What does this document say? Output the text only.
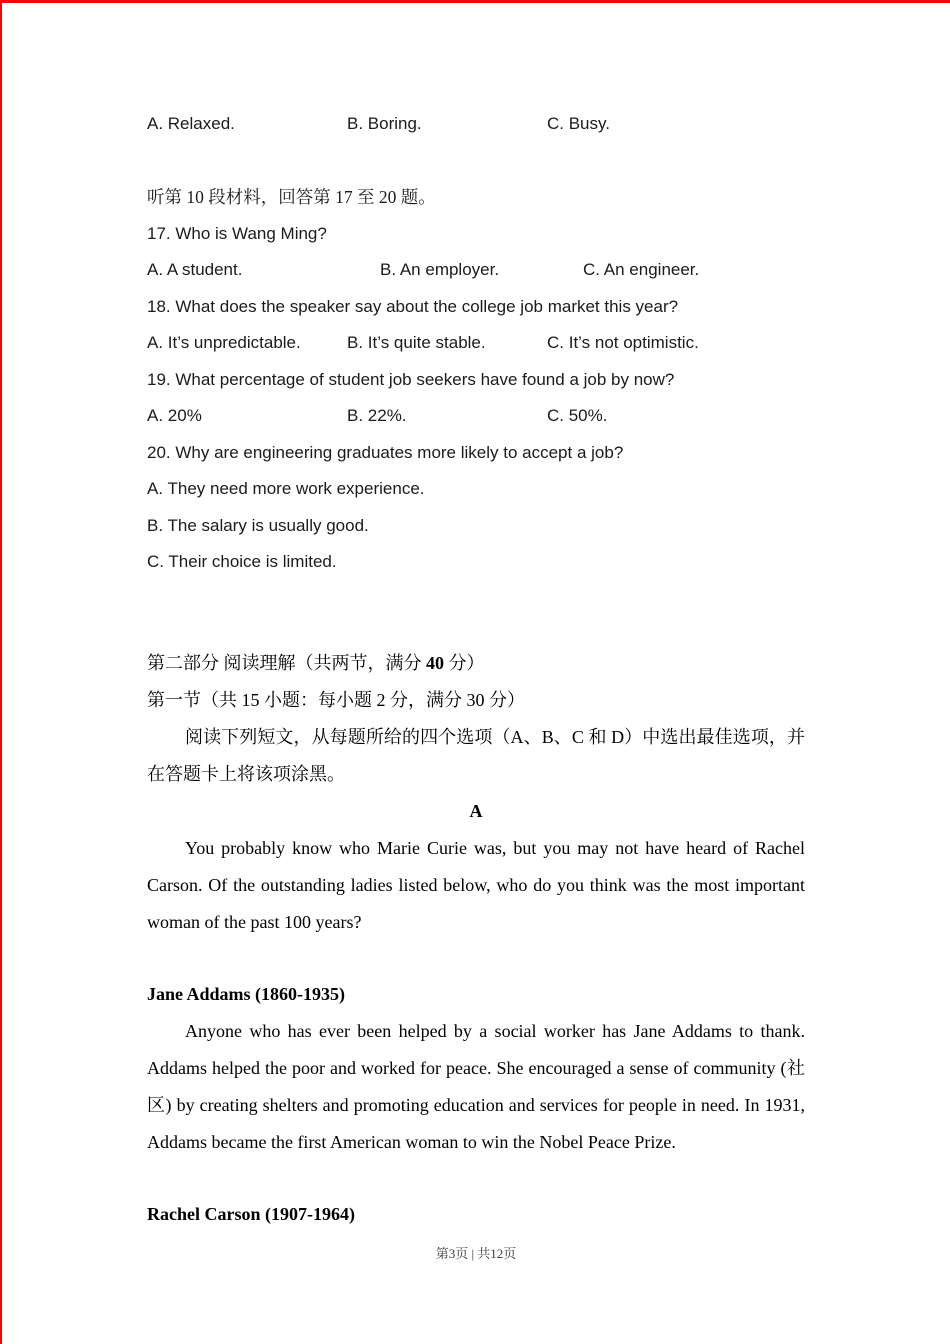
A. Relaxed.	B. Boring.	C. Busy.

听第 10 段材料，回答第 17 至 20 题。

17. Who is Wang Ming?

A. A student.	B. An employer.	C. An engineer.

18. What does the speaker say about the college job market this year?

A. It’s unpredictable.	B. It’s quite stable.	C. It’s not optimistic.

19. What percentage of student job seekers have found a job by now?

A. 20%	B. 22%.	C. 50%.

20. Why are engineering graduates more likely to accept a job?

A. They need more work experience.

B. The salary is usually good.

C. Their choice is limited.

第二部分 阅读理解（共两节，满分 40 分）

第一节（共 15 小题：每小题 2 分，满分 30 分）

阅读下列短文，从每题所给的四个选项（A、B、C 和 D）中选出最佳选项，并在答题卡上将该项涂黑。

A

You probably know who Marie Curie was, but you may not have heard of Rachel Carson. Of the outstanding ladies listed below, who do you think was the most important woman of the past 100 years?

Jane Addams (1860-1935)

Anyone who has ever been helped by a social worker has Jane Addams to thank. Addams helped the poor and worked for peace. She encouraged a sense of community (社区) by creating shelters and promoting education and services for people in need. In 1931, Addams became the first American woman to win the Nobel Peace Prize.

Rachel Carson (1907-1964)

第3页 | 共12页
